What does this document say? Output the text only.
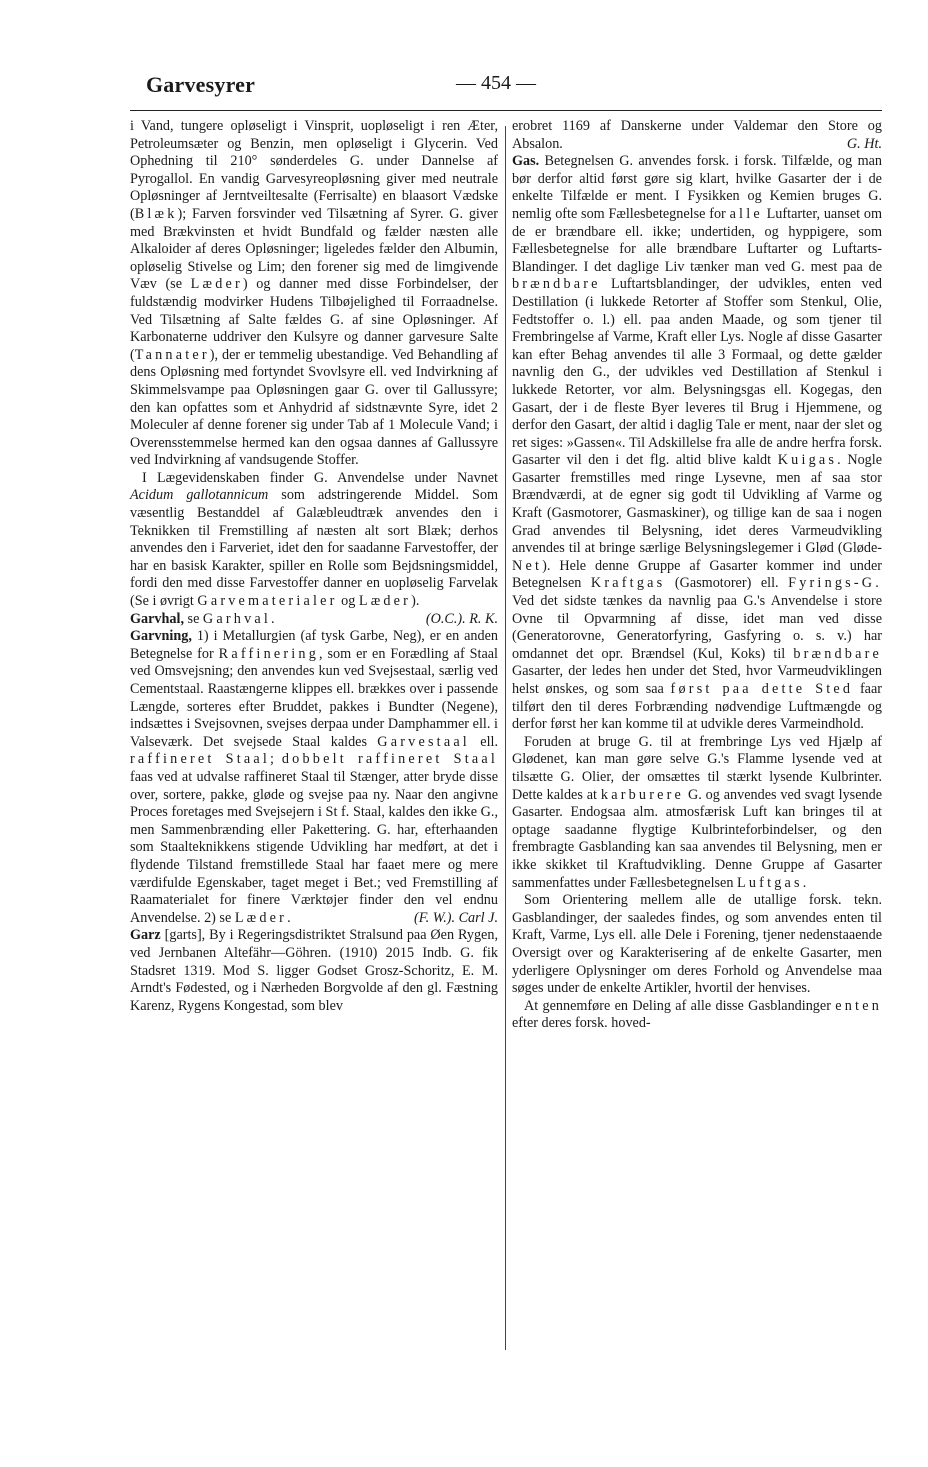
Garvesyrer	— 454 —

i Vand, tungere opløseligt i Vinsprit, uopløseligt i ren Æter, Petroleumsæter og Benzin, men opløseligt i Glycerin. Ved Ophedning til 210° sønderdeles G. under Dannelse af Pyrogallol. En vandig Garvesyreopløsning giver med neutrale Opløsninger af Jerntveiltesalte (Ferrisalte) en blaasort Vædske (Blæk); Farven forsvinder ved Tilsætning af Syrer. G. giver med Brækvinsten et hvidt Bundfald og fælder næsten alle Alkaloider af deres Opløsninger; ligeledes fælder den Albumin, opløselig Stivelse og Lim; den forener sig med de limgivende Væv (se Læder) og danner med disse Forbindelser, der fuldstændig modvirker Hudens Tilbøjelighed til Forraadnelse. Ved Tilsætning af Salte fældes G. af sine Opløsninger. Af Karbonaterne uddriver den Kulsyre og danner garvesure Salte (Tannater), der er temmelig ubestandige. Ved Behandling af dens Opløsning med fortyndet Svovlsyre ell. ved Indvirkning af Skimmelsvampe paa Opløsningen gaar G. over til Gallussyre; den kan opfattes som et Anhydrid af sidstnævnte Syre, idet 2 Moleculer af denne forener sig under Tab af 1 Molecule Vand; i Overensstemmelse hermed kan den ogsaa dannes af Gallussyre ved Indvirkning af vandsugende Stoffer.

I Lægevidenskaben finder G. Anvendelse under Navnet Acidum gallotannicum som adstringerende Middel. Som væsentlig Bestanddel af Galæbleudtræk anvendes den i Teknikken til Fremstilling af næsten alt sort Blæk; derhos anvendes den i Farveriet, idet den for saadanne Farvestoffer, der har en basisk Karakter, spiller en Rolle som Bejdsningsmiddel, fordi den med disse Farvestoffer danner en uopløselig Farvelak (Se i øvrigt Garvematerialer og Læder).
(O.C.). R. K.

Garvhal, se Garhval.

Garvning, 1) i Metallurgien (af tysk Garbe, Neg), er en anden Betegnelse for Raffinering, som er en Forædling af Staal ved Omsvejsning; den anvendes kun ved Svejsestaal, særlig ved Cementstaal. Raastængerne klippes ell. brækkes over i passende Længde, sorteres efter Bruddet, pakkes i Bundter (Negene), indsættes i Svejsovnen, svejses derpaa under Damphammer ell. i Valseværk. Det svejsede Staal kaldes Garvestaal ell. raffineret Staal; dobbelt raffineret Staal faas ved at udvalse raffineret Staal til Stænger, atter bryde disse over, sortere, pakke, gløde og svejse paa ny. Naar den angivne Proces foretages med Svejsejern i St f. Staal, kaldes den ikke G., men Sammenbrænding eller Pakettering. G. har, efterhaanden som Staalteknikkens stigende Udvikling har medført, at det i flydende Tilstand fremstillede Staal har faaet mere og mere værdifulde Egenskaber, taget meget i Bet.; ved Fremstilling af Raamaterialet for finere Værktøjer finder den vel endnu Anvendelse. 2) se Læder.	(F. W.). Carl J.

Garz [garts], By i Regeringsdistriktet Stralsund paa Øen Rygen, ved Jernbanen Altefähr—Göhren. (1910) 2015 Indb. G. fik Stadsret 1319. Mod S. ligger Godset Grosz-Schoritz, E. M. Arndt's Fødested, og i Nærheden Borgvolde af den gl. Fæstning Karenz, Rygens Kongestad, som blev

erobret 1169 af Danskerne under Valdemar den Store og Absalon.	G. Ht.

Gas. Betegnelsen G. anvendes forsk. i forsk. Tilfælde, og man bør derfor altid først gøre sig klart, hvilke Gasarter der i de enkelte Tilfælde er ment. I Fysikken og Kemien bruges G. nemlig ofte som Fællesbetegnelse for alle Luftarter, uanset om de er brændbare ell. ikke; undertiden, og hyppigere, som Fællesbetegnelse for alle brændbare Luftarter og Luftarts-Blandinger. I det daglige Liv tænker man ved G. mest paa de brændbare Luftartsblandinger, der udvikles, enten ved Destillation (i lukkede Retorter af Stoffer som Stenkul, Olie, Fedtstoffer o. l.) ell. paa anden Maade, og som tjener til Frembringelse af Varme, Kraft eller Lys. Nogle af disse Gasarter kan efter Behag anvendes til alle 3 Formaal, og dette gælder navnlig den G., der udvikles ved Destillation af Stenkul i lukkede Retorter, vor alm. Belysningsgas ell. Kogegas, den Gasart, der i de fleste Byer leveres til Brug i Hjemmene, og derfor den Gasart, der altid i daglig Tale er ment, naar der slet og ret siges: »Gassen«. Til Adskillelse fra alle de andre herfra forsk. Gasarter vil den i det flg. altid blive kaldt Kuigas. Nogle Gasarter fremstilles med ringe Lysevne, men af saa stor Brændværdi, at de egner sig godt til Udvikling af Varme og Kraft (Gasmotorer, Gasmaskiner), og tillige kan de saa i nogen Grad anvendes til Belysning, idet deres Varmeudvikling anvendes til at bringe særlige Belysningslegemer i Glød (Gløde-Net). Hele denne Gruppe af Gasarter kommer ind under Betegnelsen Kraftgas (Gasmotorer) ell. Fyrings-G. Ved det sidste tænkes da navnlig paa G.'s Anvendelse i store Ovne til Opvarmning af disse, idet man ved disse (Generatorovne, Generatorfyring, Gasfyring o. s. v.) har omdannet det opr. Brændsel (Kul, Koks) til brændbare Gasarter, der ledes hen under det Sted, hvor Varmeudviklingen helst ønskes, og som saa først paa dette Sted faar tilført den til deres Forbrænding nødvendige Luftmængde og derfor først her kan komme til at udvikle deres Varmeindhold.

Foruden at bruge G. til at frembringe Lys ved Hjælp af Glødenet, kan man gøre selve G.'s Flamme lysende ved at tilsætte G. Olier, der omsættes til stærkt lysende Kulbrinter. Dette kaldes at karburere G. og anvendes ved svagt lysende Gasarter. Endogsaa alm. atmosfærisk Luft kan bringes til at optage saadanne flygtige Kulbrinteforbindelser, og den frembragte Gasblanding kan saa anvendes til Belysning, men er ikke skikket til Kraftudvikling. Denne Gruppe af Gasarter sammenfattes under Fællesbetegnelsen Luftgas.

Som Orientering mellem alle de utallige forsk. tekn. Gasblandinger, der saaledes findes, og som anvendes enten til Kraft, Varme, Lys ell. alle Dele i Forening, tjener nedenstaaende Oversigt over og Karakterisering af de enkelte Gasarter, men yderligere Oplysninger om deres Forhold og Anvendelse maa søges under de enkelte Artikler, hvortil der henvises.

At gennemføre en Deling af alle disse Gasblandinger enten efter deres forsk. hoved-
